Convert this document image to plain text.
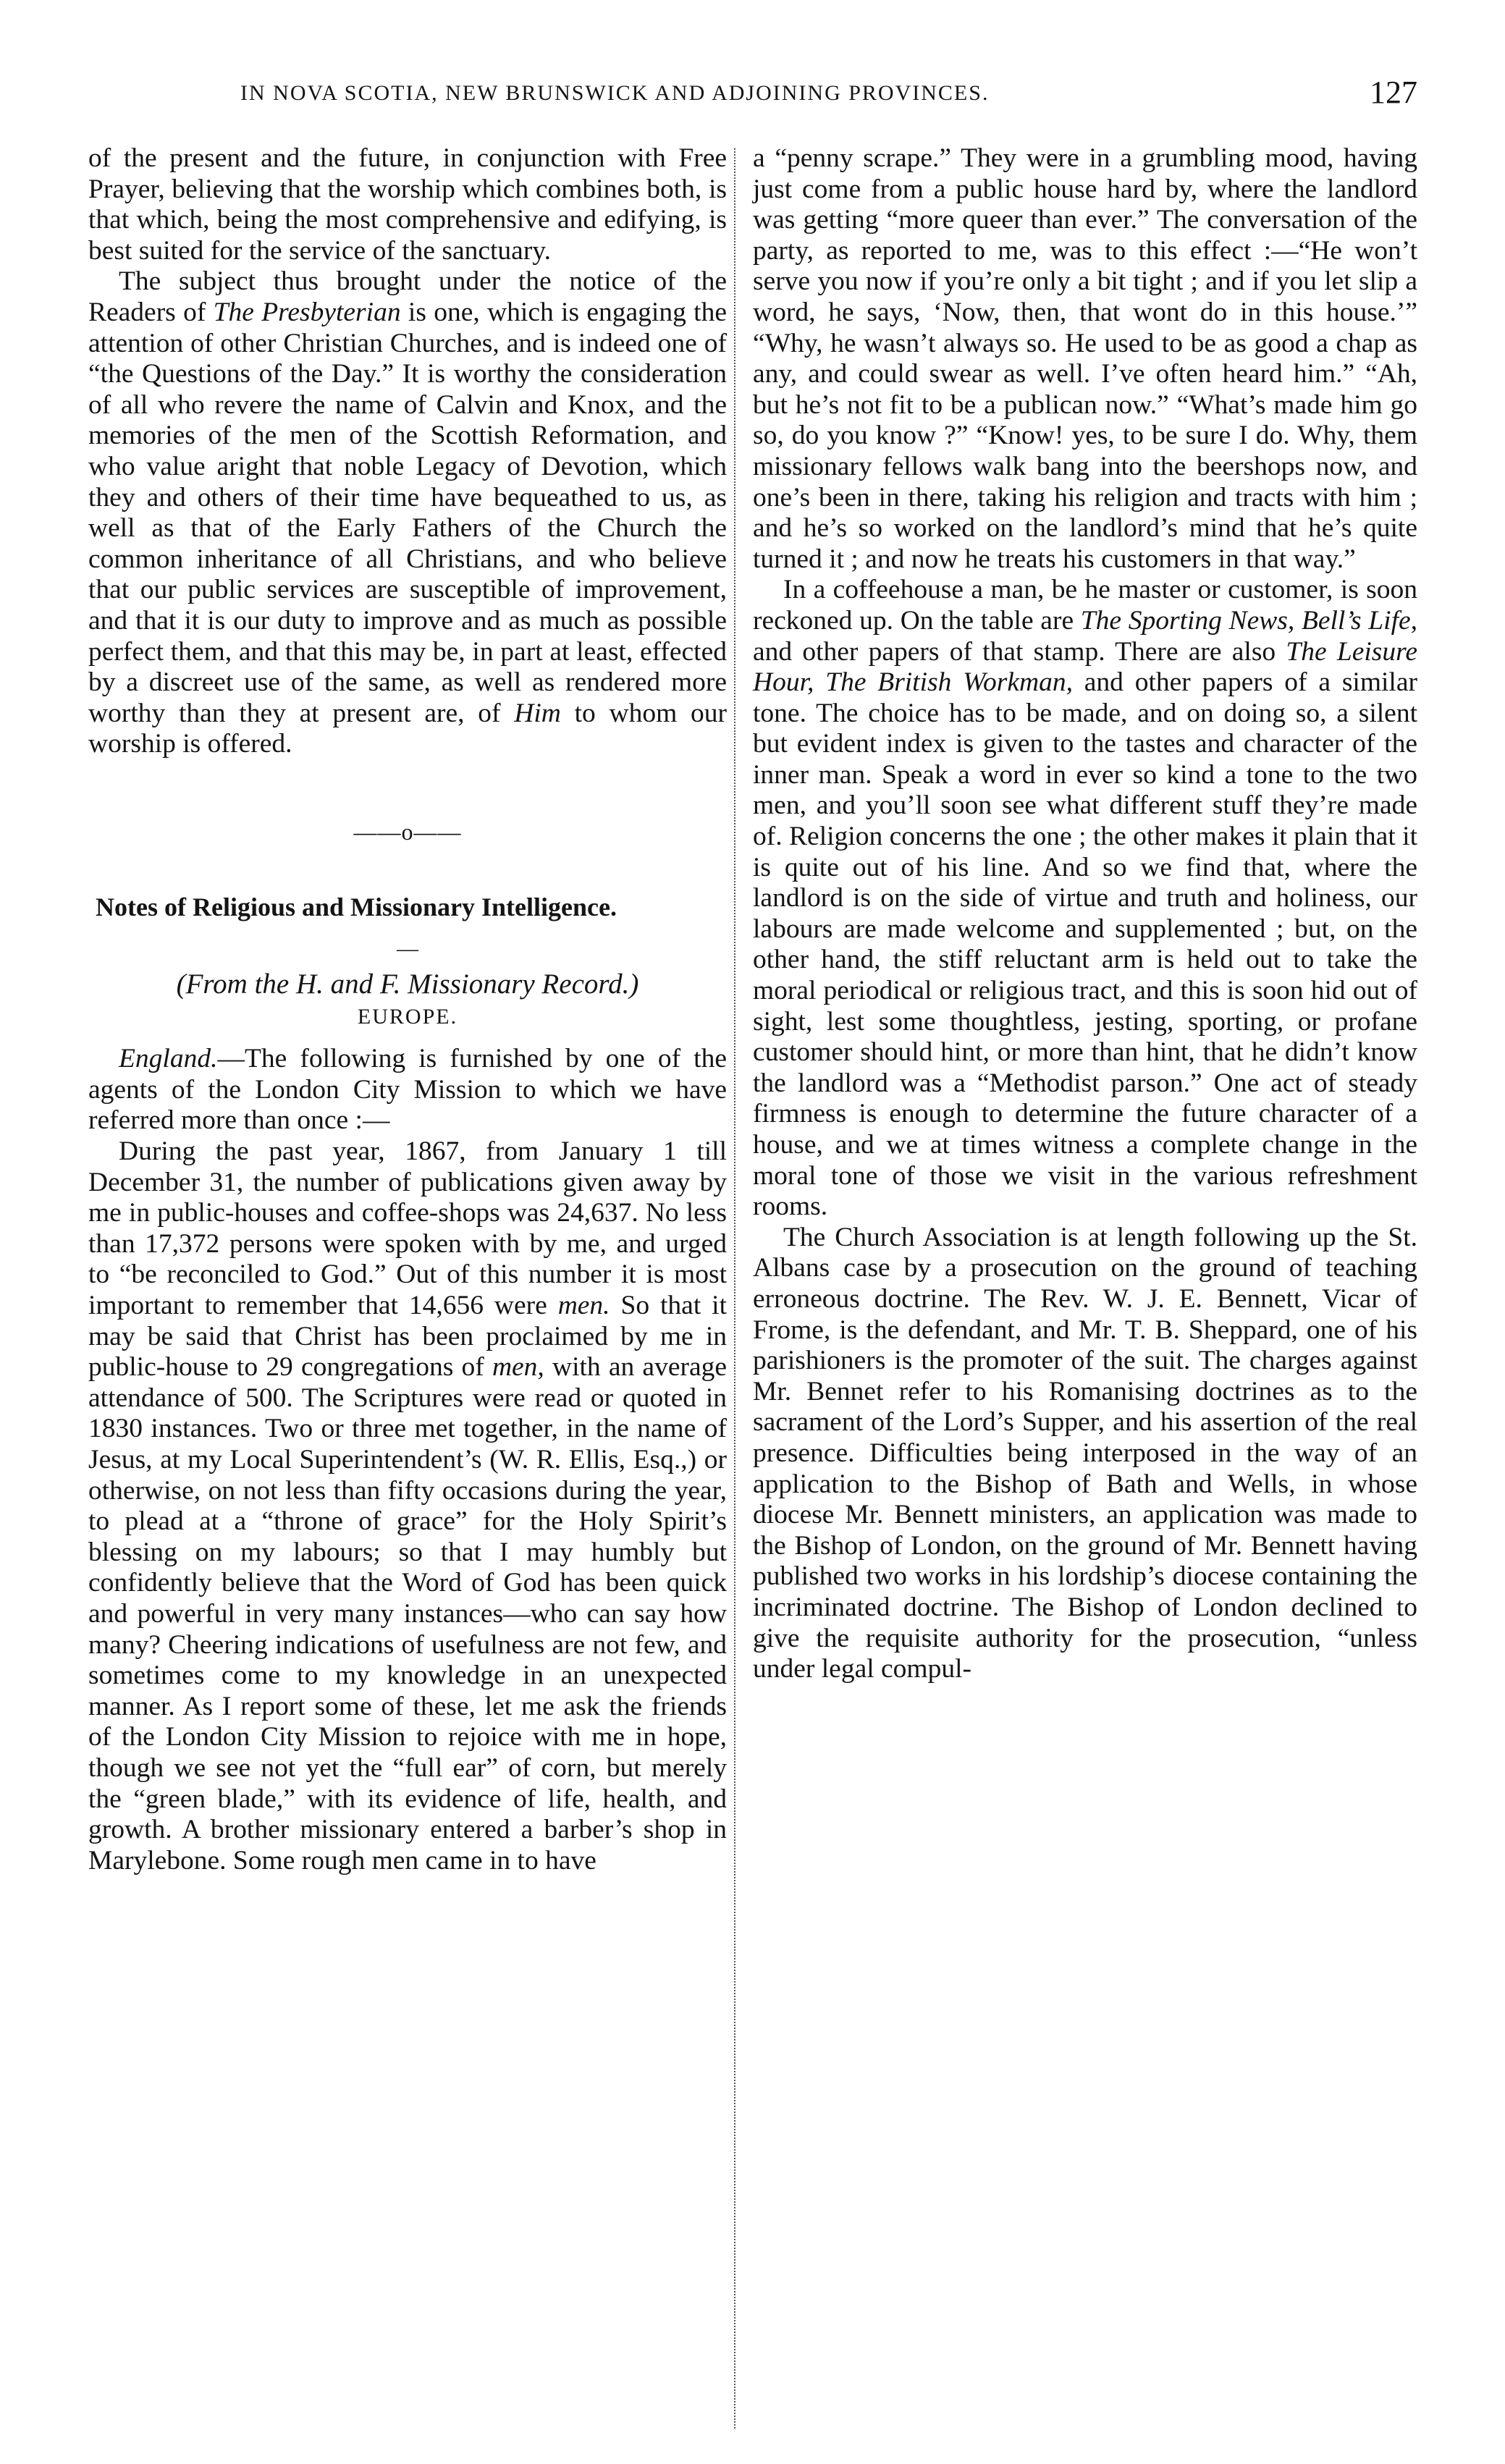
IN NOVA SCOTIA, NEW BRUNSWICK AND ADJOINING PROVINCES.	127

of the present and the future, in conjunction with Free Prayer, believing that the worship which combines both, is that which, being the most comprehensive and edifying, is best suited for the service of the sanctuary.

The subject thus brought under the notice of the Readers of The Presbyterian is one, which is engaging the attention of other Christian Churches, and is indeed one of “the Questions of the Day.” It is worthy the consideration of all who revere the name of Calvin and Knox, and the memories of the men of the Scottish Reformation, and who value aright that noble Legacy of Devotion, which they and others of their time have bequeathed to us, as well as that of the Early Fathers of the Church the common inheritance of all Christians, and who believe that our public services are susceptible of improvement, and that it is our duty to improve and as much as possible perfect them, and that this may be, in part at least, effected by a discreet use of the same, as well as rendered more worthy than they at present are, of Him to whom our worship is offered.

——o——
Notes of Religious and Missionary Intelligence.
—

(From the H. and F. Missionary Record.)

EUROPE.

England.—The following is furnished by one of the agents of the London City Mission to which we have referred more than once :—

During the past year, 1867, from January 1 till December 31, the number of publications given away by me in public-houses and coffee-shops was 24,637. No less than 17,372 persons were spoken with by me, and urged to “be reconciled to God.” Out of this number it is most important to remember that 14,656 were men. So that it may be said that Christ has been proclaimed by me in public-house to 29 congregations of men, with an average attendance of 500. The Scriptures were read or quoted in 1830 instances. Two or three met together, in the name of Jesus, at my Local Superintendent’s (W. R. Ellis, Esq.,) or otherwise, on not less than fifty occasions during the year, to plead at a “throne of grace” for the Holy Spirit’s blessing on my labours; so that I may humbly but confidently believe that the Word of God has been quick and powerful in very many instances—who can say how many? Cheering indications of usefulness are not few, and sometimes come to my knowledge in an unexpected manner. As I report some of these, let me ask the friends of the London City Mission to rejoice with me in hope, though we see not yet the “full ear” of corn, but merely the “green blade,” with its evidence of life, health, and growth. A brother missionary entered a barber’s shop in Marylebone. Some rough men came in to have

a “penny scrape.” They were in a grumbling mood, having just come from a public house hard by, where the landlord was getting “more queer than ever.” The conversation of the party, as reported to me, was to this effect :—“He won’t serve you now if you’re only a bit tight ; and if you let slip a word, he says, ‘Now, then, that wont do in this house.’” “Why, he wasn’t always so. He used to be as good a chap as any, and could swear as well. I’ve often heard him.” “Ah, but he’s not fit to be a publican now.” “What’s made him go so, do you know ?” “Know! yes, to be sure I do. Why, them missionary fellows walk bang into the beershops now, and one’s been in there, taking his religion and tracts with him ; and he’s so worked on the landlord’s mind that he’s quite turned it ; and now he treats his customers in that way.”

In a coffeehouse a man, be he master or customer, is soon reckoned up. On the table are The Sporting News, Bell’s Life, and other papers of that stamp. There are also The Leisure Hour, The British Workman, and other papers of a similar tone. The choice has to be made, and on doing so, a silent but evident index is given to the tastes and character of the inner man. Speak a word in ever so kind a tone to the two men, and you’ll soon see what different stuff they’re made of. Religion concerns the one ; the other makes it plain that it is quite out of his line. And so we find that, where the landlord is on the side of virtue and truth and holiness, our labours are made welcome and supplemented ; but, on the other hand, the stiff reluctant arm is held out to take the moral periodical or religious tract, and this is soon hid out of sight, lest some thoughtless, jesting, sporting, or profane customer should hint, or more than hint, that he didn’t know the landlord was a “Methodist parson.” One act of steady firmness is enough to determine the future character of a house, and we at times witness a complete change in the moral tone of those we visit in the various refreshment rooms.

The Church Association is at length following up the St. Albans case by a prosecution on the ground of teaching erroneous doctrine. The Rev. W. J. E. Bennett, Vicar of Frome, is the defendant, and Mr. T. B. Sheppard, one of his parishioners is the promoter of the suit. The charges against Mr. Bennet refer to his Romanising doctrines as to the sacrament of the Lord’s Supper, and his assertion of the real presence. Difficulties being interposed in the way of an application to the Bishop of Bath and Wells, in whose diocese Mr. Bennett ministers, an application was made to the Bishop of London, on the ground of Mr. Bennett having published two works in his lordship’s diocese containing the incriminated doctrine. The Bishop of London declined to give the requisite authority for the prosecution, “unless under legal compul-
